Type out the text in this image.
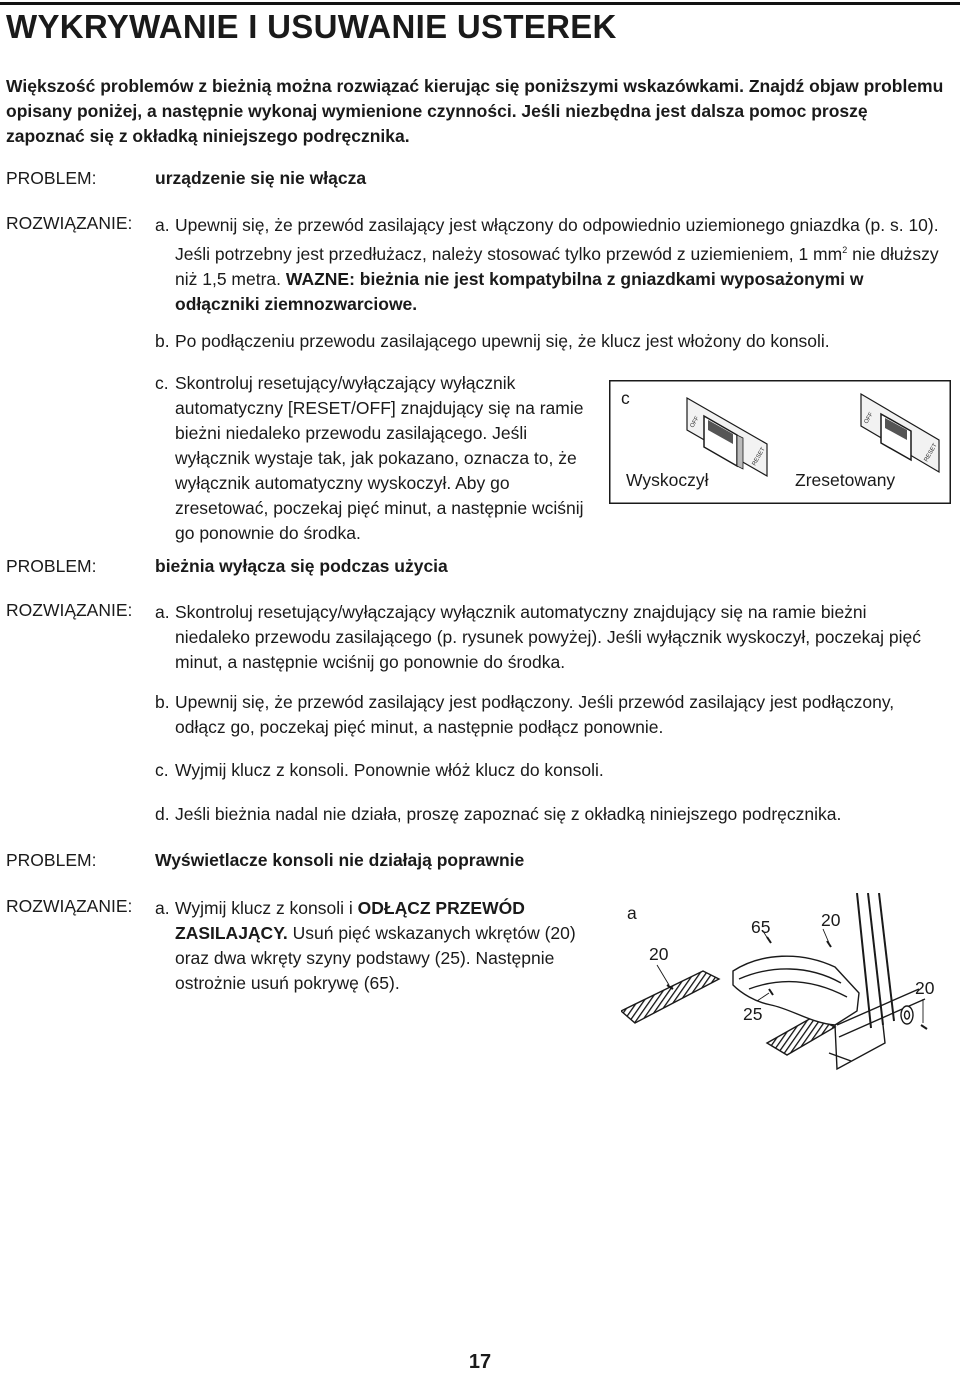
WYKRYWANIE I USUWANIE USTEREK
Większość problemów z bieżnią można rozwiązać kierując się poniższymi wskazówkami. Znajdź objaw problemu opisany poniżej, a następnie wykonaj wymienione czynności. Jeśli niezbędna jest dalsza pomoc proszę zapoznać się z okładką niniejszego podręcznika.
PROBLEM:	urządzenie się nie włącza
ROZWIĄZANIE: a. Upewnij się, że przewód zasilający jest włączony do odpowiednio uziemionego gniazdka (p. s. 10). Jeśli potrzebny jest przedłużacz, należy stosować tylko przewód z uziemieniem, 1 $mm^2$ nie dłuższy niż 1,5 metra. WAZNE: bieżnia nie jest kompatybilna z gniazdkami wyposażonymi w odłączniki ziemnozwarciowe.
b. Po podłączeniu przewodu zasilającego upewnij się, że klucz jest włożony do konsoli.
c. Skontroluj resetujący/wyłączający wyłącznik automatyczny [RESET/OFF] znajdujący się na ramie bieżni niedaleko przewodu zasilającego. Jeśli wyłącznik wystaje tak, jak pokazano, oznacza to, że wyłącznik automatyczny wyskoczył. Aby go zresetować, poczekaj pięć minut, a następnie wciśnij go ponownie do środka.
c
OFF
RESET
OFF
RESET
Wyskoczył	Zresetowany
PROBLEM:	bieżnia wyłącza się podczas użycia
ROZWIĄZANIE: a. Skontroluj resetujący/wyłączający wyłącznik automatyczny znajdujący się na ramie bieżni niedaleko przewodu zasilającego (p. rysunek powyżej). Jeśli wyłącznik wyskoczył, poczekaj pięć minut, a następnie wciśnij go ponownie do środka.
b. Upewnij się, że przewód zasilający jest podłączony. Jeśli przewód zasilający jest podłączony, odłącz go, poczekaj pięć minut, a następnie podłącz ponownie.
c. Wyjmij klucz z konsoli. Ponownie włóż klucz do konsoli.
d. Jeśli bieżnia nadal nie działa, proszę zapoznać się z okładką niniejszego podręcznika.
PROBLEM:	Wyświetlacze konsoli nie działają poprawnie
ROZWIĄZANIE: a. Wyjmij klucz z konsoli i ODŁĄCZ PRZEWÓD ZASILAJĄCY. Usuń pięć wskazanych wkrętów (20) oraz dwa wkręty szyny podstawy (25). Następnie ostrożnie usuń pokrywę (65).
a
20
65	20
20
25
17
